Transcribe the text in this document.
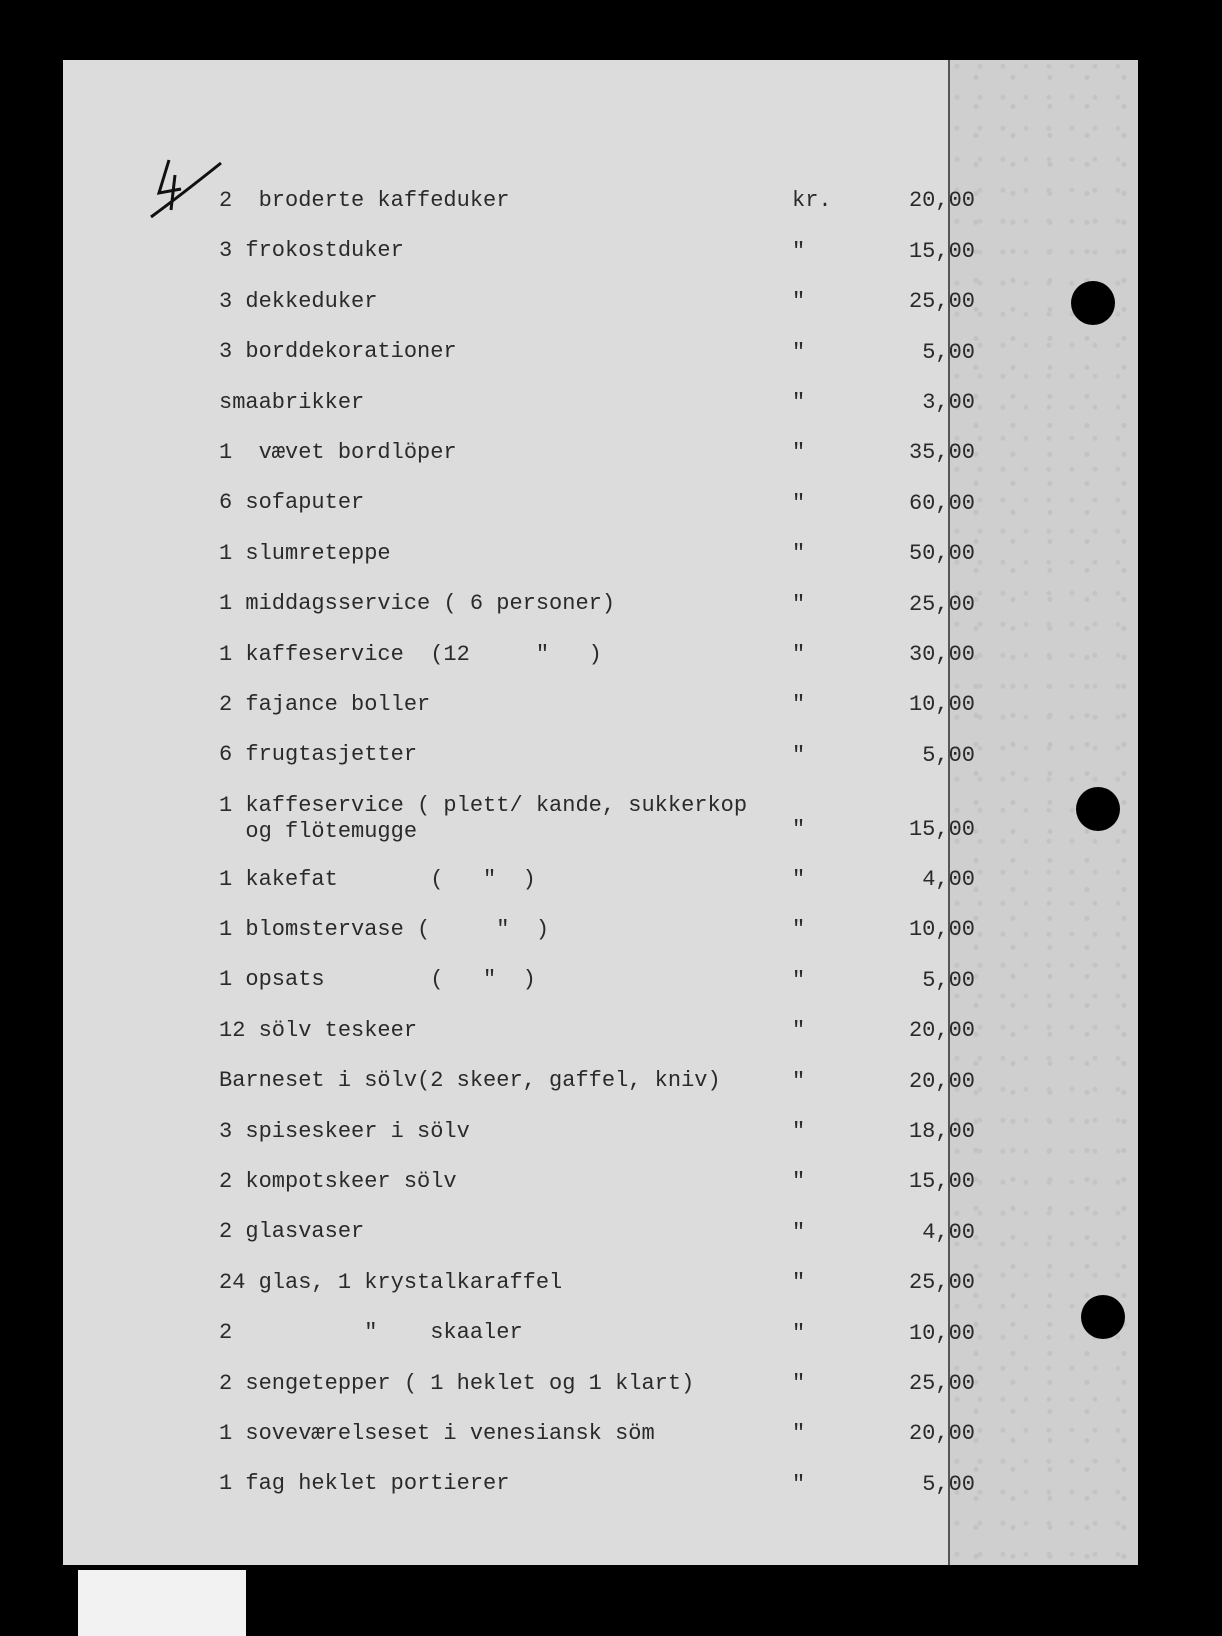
2  broderte kaffeduker	kr.	20,00
3 frokostduker	"	15,00
3 dekkeduker	"	25,00
3 borddekorationer	"	5,00
smaabrikker	"	3,00
1  vævet bordlöper	"	35,00
6 sofaputer	"	60,00
1 slumreteppe	"	50,00
1 middagsservice ( 6 personer)	"	25,00
1 kaffeservice  (12     "   )	"	30,00
2 fajance boller	"	10,00
6 frugtasjetter	"	5,00
1 kaffeservice ( plett/ kande, sukkerkop
og flötemugge	"	15,00
1 kakefat       (   "  )	"	4,00
1 blomstervase (     "  )	"	10,00
1 opsats        (   "  )	"	5,00
12 sölv teskeer	"	20,00
Barneset i sölv(2 skeer, gaffel, kniv)	"	20,00
3 spiseskeer i sölv	"	18,00
2 kompotskeer sölv	"	15,00
2 glasvaser	"	4,00
24 glas, 1 krystalkaraffel	"	25,00
2          "    skaaler	"	10,00
2 sengetepper ( 1 heklet og 1 klart)	"	25,00
1 soveværelseset i venesiansk söm	"	20,00
1 fag heklet portierer	"	5,00
